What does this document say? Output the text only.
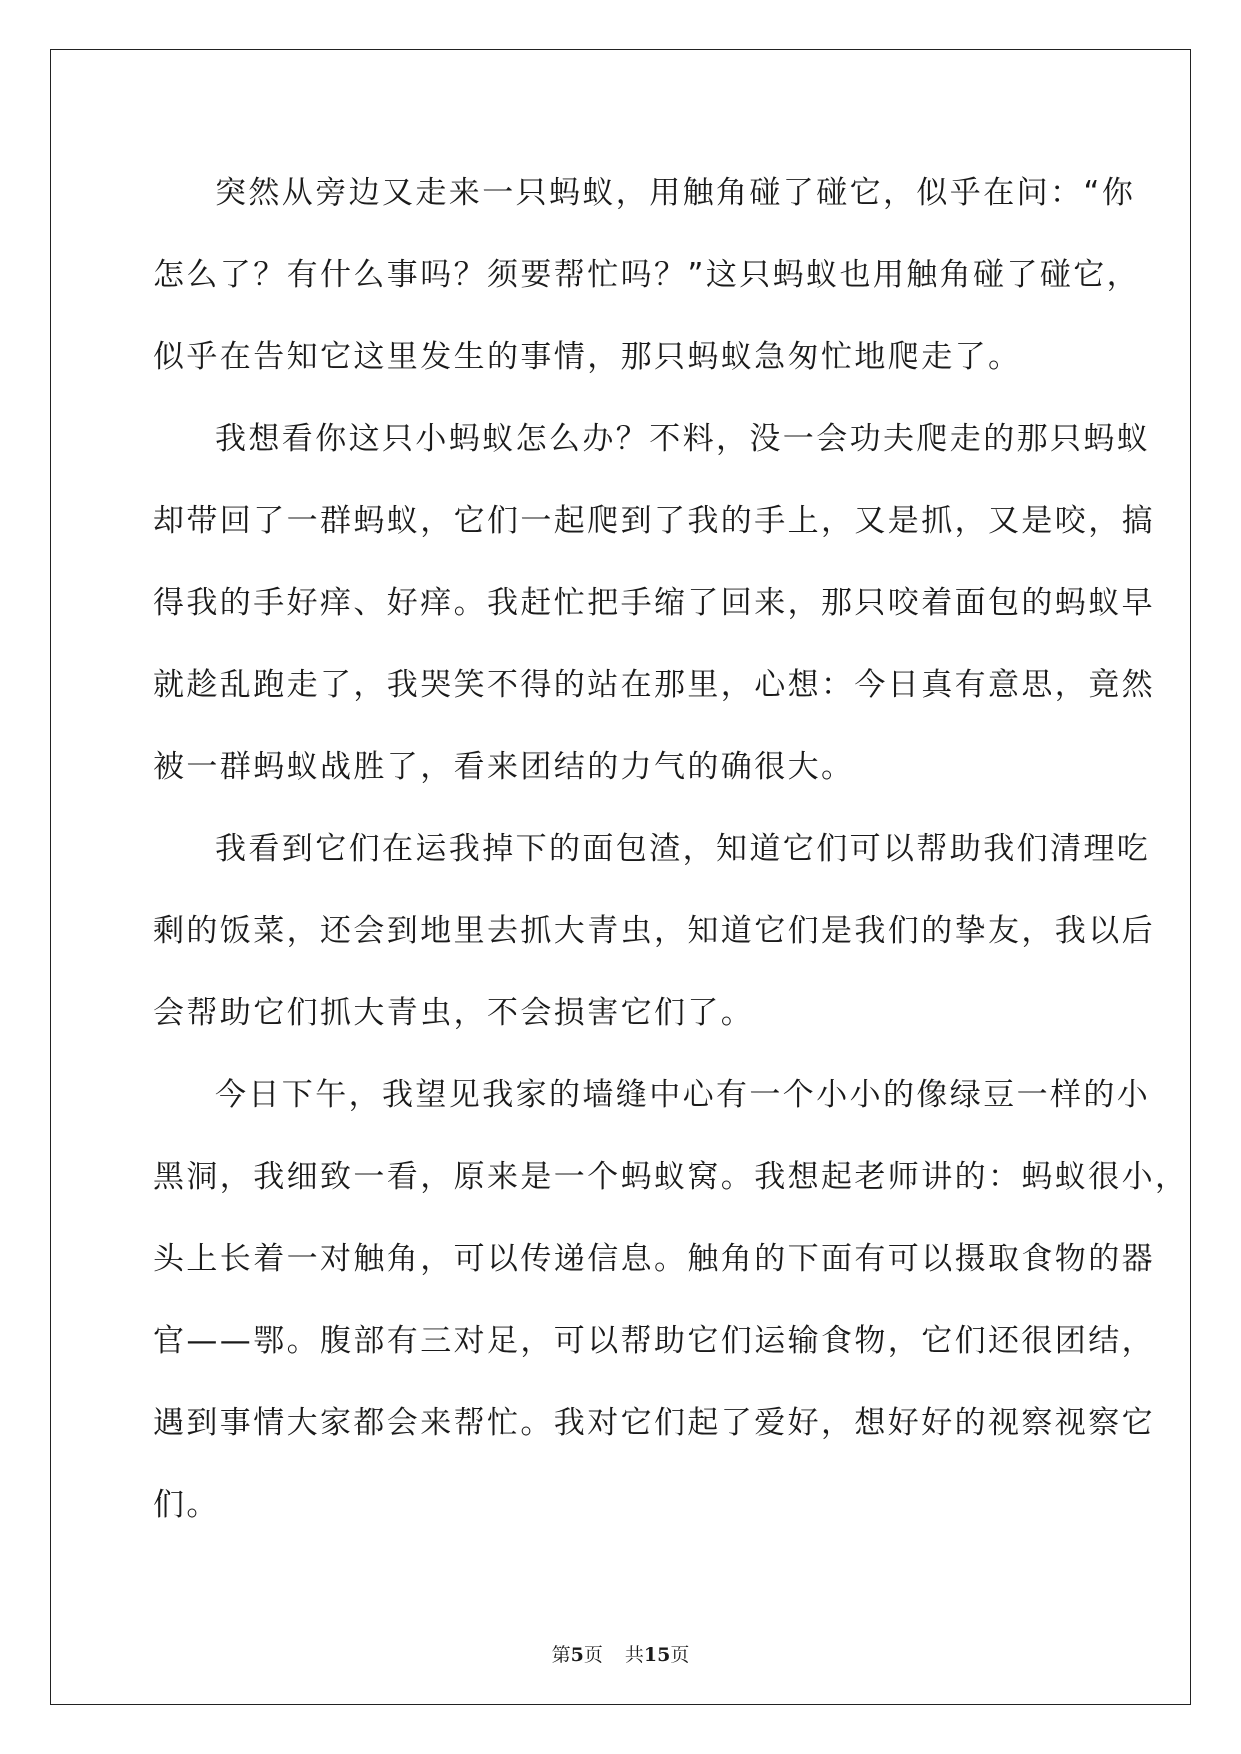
突然从旁边又走来一只蚂蚁，用触角碰了碰它，似乎在问：“你
怎么了？有什么事吗？须要帮忙吗？”这只蚂蚁也用触角碰了碰它，
似乎在告知它这里发生的事情，那只蚂蚁急匆忙地爬走了。
我想看你这只小蚂蚁怎么办？不料，没一会功夫爬走的那只蚂蚁
却带回了一群蚂蚁，它们一起爬到了我的手上，又是抓，又是咬，搞
得我的手好痒、好痒。我赶忙把手缩了回来，那只咬着面包的蚂蚁早
就趁乱跑走了，我哭笑不得的站在那里，心想：今日真有意思，竟然
被一群蚂蚁战胜了，看来团结的力气的确很大。
我看到它们在运我掉下的面包渣，知道它们可以帮助我们清理吃
剩的饭菜，还会到地里去抓大青虫，知道它们是我们的挚友，我以后
会帮助它们抓大青虫，不会损害它们了。
今日下午，我望见我家的墙缝中心有一个小小的像绿豆一样的小
黑洞，我细致一看，原来是一个蚂蚁窝。我想起老师讲的：蚂蚁很小，
头上长着一对触角，可以传递信息。触角的下面有可以摄取食物的器
官——鄂。腹部有三对足，可以帮助它们运输食物，它们还很团结，
遇到事情大家都会来帮忙。我对它们起了爱好，想好好的视察视察它
们。
第5页 共15页
